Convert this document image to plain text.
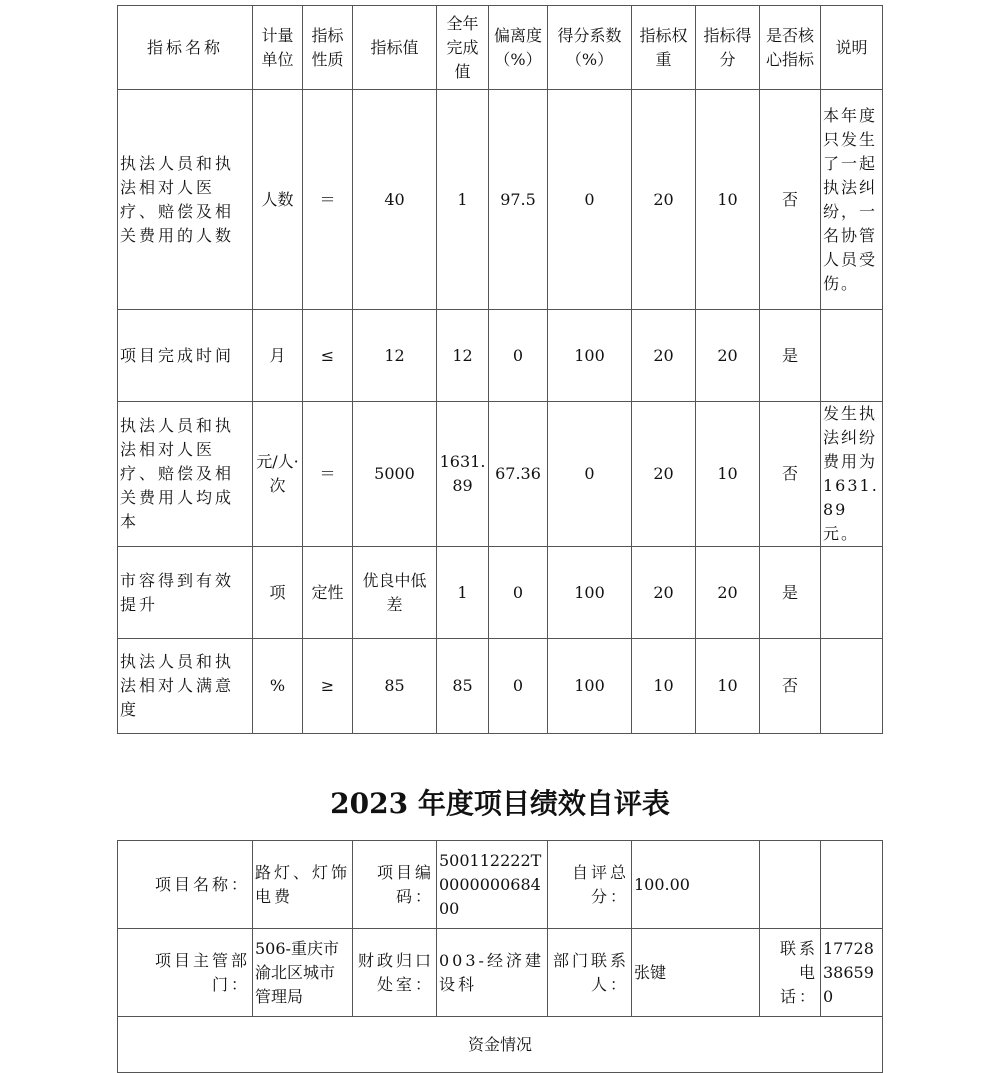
指标名称	计量单位	指标性质	指标值	全年完成值	偏离度（%）	得分系数（%）	指标权重	指标得分	是否核心指标	说明
执法人员和执法相对人医疗、赔偿及相关费用的人数	人数	＝	40	1	97.5	0	20	10	否	本年度只发生了一起执法纠纷，一名协管人员受伤。
项目完成时间	月	≤	12	12	0	100	20	20	是	
执法人员和执法相对人医疗、赔偿及相关费用人均成本	元/人·次	＝	5000	1631.89	67.36	0	20	10	否	发生执法纠纷费用为1631.89元。
市容得到有效提升	项	定性	优良中低差	1	0	100	20	20	是	
执法人员和执法相对人满意度	%	≥	85	85	0	100	10	10	否	
2023 年度项目绩效自评表
项目名称：	路灯、灯饰电费	项目编码：	500112222T000000068400	自评总分：	100.00		
项目主管部门：	506-重庆市渝北区城市管理局	财政归口处室：	003-经济建设科	部门联系人：	张键	联系电话：	17728386590
资金情况							
